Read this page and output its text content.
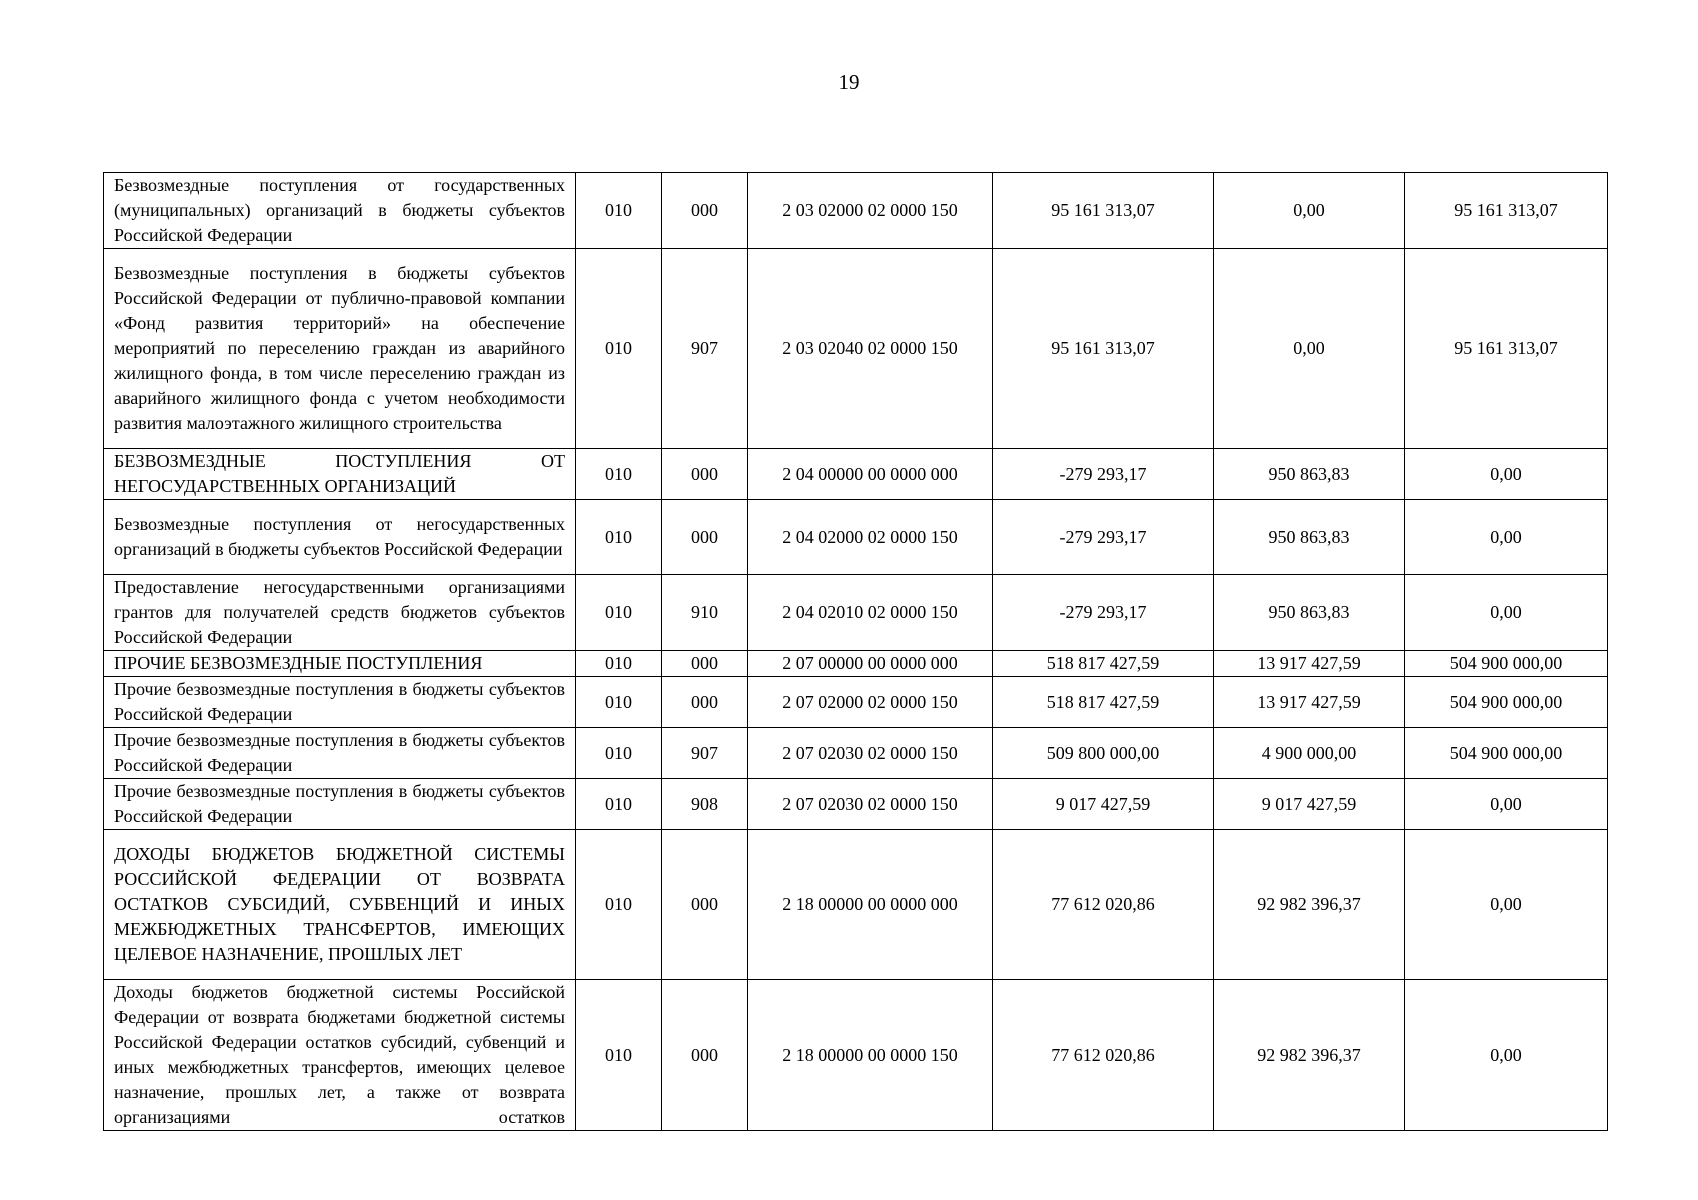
19
Безвозмездные поступления от государственных (муниципальных) организаций в бюджеты субъектов Российской Федерации	010	000	2 03 02000 02 0000 150	95 161 313,07	0,00	95 161 313,07
Безвозмездные поступления в бюджеты субъектов Российской Федерации от публично-правовой компании «Фонд развития территорий» на обеспечение мероприятий по переселению граждан из аварийного жилищного фонда, в том числе переселению граждан из аварийного жилищного фонда с учетом необходимости развития малоэтажного жилищного строительства	010	907	2 03 02040 02 0000 150	95 161 313,07	0,00	95 161 313,07
БЕЗВОЗМЕЗДНЫЕ ПОСТУПЛЕНИЯ ОТ НЕГОСУДАРСТВЕННЫХ ОРГАНИЗАЦИЙ	010	000	2 04 00000 00 0000 000	-279 293,17	950 863,83	0,00
Безвозмездные поступления от негосударственных организаций в бюджеты субъектов Российской Федерации	010	000	2 04 02000 02 0000 150	-279 293,17	950 863,83	0,00
Предоставление негосударственными организациями грантов для получателей средств бюджетов субъектов Российской Федерации	010	910	2 04 02010 02 0000 150	-279 293,17	950 863,83	0,00
ПРОЧИЕ БЕЗВОЗМЕЗДНЫЕ ПОСТУПЛЕНИЯ	010	000	2 07 00000 00 0000 000	518 817 427,59	13 917 427,59	504 900 000,00
Прочие безвозмездные поступления в бюджеты субъектов Российской Федерации	010	000	2 07 02000 02 0000 150	518 817 427,59	13 917 427,59	504 900 000,00
Прочие безвозмездные поступления в бюджеты субъектов Российской Федерации	010	907	2 07 02030 02 0000 150	509 800 000,00	4 900 000,00	504 900 000,00
Прочие безвозмездные поступления в бюджеты субъектов Российской Федерации	010	908	2 07 02030 02 0000 150	9 017 427,59	9 017 427,59	0,00
ДОХОДЫ БЮДЖЕТОВ БЮДЖЕТНОЙ СИСТЕМЫ РОССИЙСКОЙ ФЕДЕРАЦИИ ОТ ВОЗВРАТА ОСТАТКОВ СУБСИДИЙ, СУБВЕНЦИЙ И ИНЫХ МЕЖБЮДЖЕТНЫХ ТРАНСФЕРТОВ, ИМЕЮЩИХ ЦЕЛЕВОЕ НАЗНАЧЕНИЕ, ПРОШЛЫХ ЛЕТ	010	000	2 18 00000 00 0000 000	77 612 020,86	92 982 396,37	0,00
Доходы бюджетов бюджетной системы Российской Федерации от возврата бюджетами бюджетной системы Российской Федерации остатков субсидий, субвенций и иных межбюджетных трансфертов, имеющих целевое назначение, прошлых лет, а также от возврата организациями остатков	010	000	2 18 00000 00 0000 150	77 612 020,86	92 982 396,37	0,00
